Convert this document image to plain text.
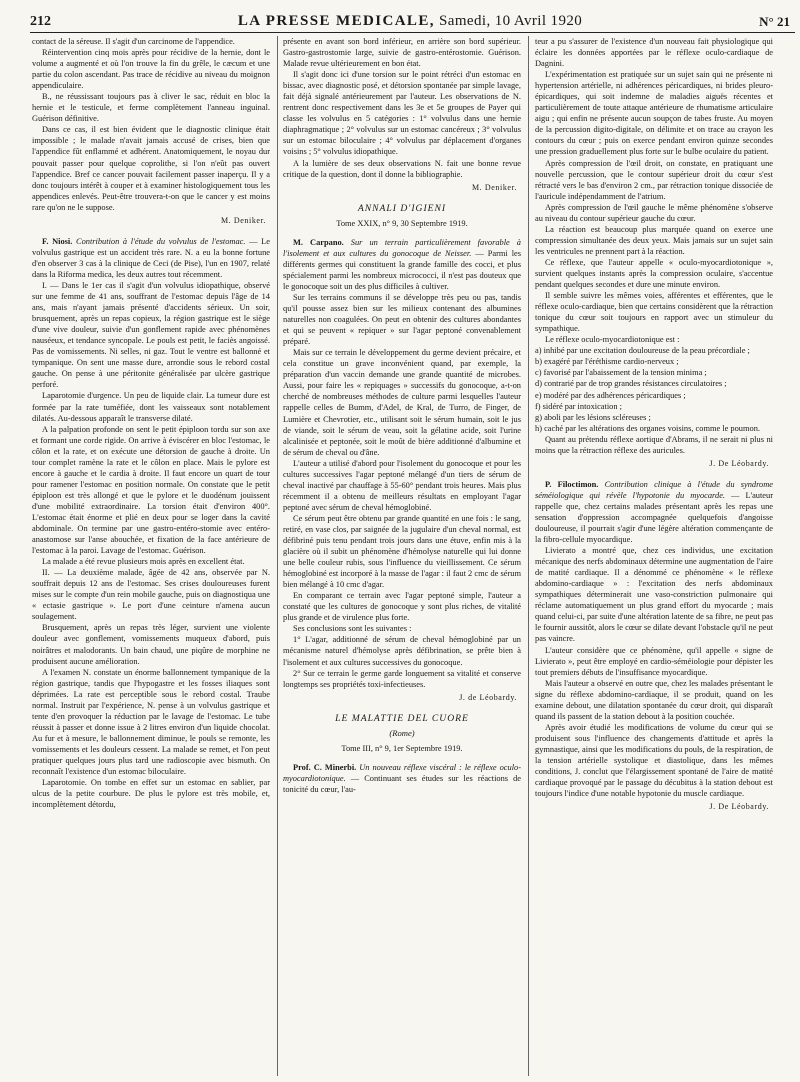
212	LA PRESSE MEDICALE, Samedi, 10 Avril 1920	N° 21

contact de la séreuse. Il s'agit d'un carcinome de l'appendice.

Réintervention cinq mois après pour récidive de la hernie, dont le volume a augmenté et où l'on trouve la fin du grêle, le cæcum et une partie du colon ascendant. Pas trace de récidive au niveau du moignon appendiculaire.

B., ne réussissant toujours pas à cliver le sac, réduit en bloc la hernie et le testicule, et ferme complètement l'anneau inguinal. Guérison définitive.

Dans ce cas, il est bien évident que le diagnostic clinique était impossible ; le malade n'avait jamais accusé de crises, bien que l'appendice fût enflammé et adhérent. Anatomiquement, le noyau dur pouvait passer pour quelque coprolithe, si l'on n'eût pas ouvert l'appendice. Bref ce cancer pouvait facilement passer inaperçu. Il y a donc toujours intérêt à couper et à examiner histologiquement tous les appendices enlevés. Peut-être trouvera-t-on que le cancer y est moins rare qu'on ne le suppose.

M. Deniker.

F. Niosi. Contribution à l'étude du volvulus de l'estomac. — Le volvulus gastrique est un accident très rare. N. a eu la bonne fortune d'en observer 3 cas à la clinique de Ceci (de Pise), l'un en 1907, relaté dans la Riforma medica, les deux autres tout récemment.

I. — Dans le 1er cas il s'agit d'un volvulus idiopathique, observé sur une femme de 41 ans, souffrant de l'estomac depuis l'âge de 14 ans, mais n'ayant jamais présenté d'accidents sérieux. Un soir, brusquement, après un repas copieux, la région gastrique est le siège d'une vive douleur, suivie d'un gonflement rapide avec phénomènes nauséeux, et tendance syncopale. Le pouls est petit, le faciès angoissé. Pas de vomissements. Ni selles, ni gaz. Tout le ventre est ballonné et tympanique. On sent une masse dure, arrondie sous le rebord costal gauche. On pense à une péritonite généralisée par ulcère gastrique perforé.

Laparotomie d'urgence. Un peu de liquide clair. La tumeur dure est formée par la rate tuméfiée, dont les vaisseaux sont notablement dilatés. Au-dessous apparaît le transverse dilaté.

A la palpation profonde on sent le petit épiploon tordu sur son axe et formant une corde rigide. On arrive à éviscérer en bloc l'estomac, le côlon et la rate, et on exécute une détorsion de gauche à droite. Un tour complet ramène la rate et le côlon en place. Mais le pylore est encore à gauche et le cardia à droite. Il faut encore un quart de tour pour ramener l'estomac en position normale. On constate que le petit épiploon est très allongé et que le pylore et le duodénum jouissent d'une mobilité extraordinaire. La torsion était d'environ 400°. L'estomac était énorme et plié en deux pour se loger dans la cavité abdominale. On termine par une gastro-entéro-stomie avec entéro-anastomose sur l'anse abouchée, et fixation de la face antérieure de l'estomac à la paroi. Lavage de l'estomac. Guérison.

La malade a été revue plusieurs mois après en excellent état.

II. — La deuxième malade, âgée de 42 ans, observée par N. souffrait depuis 12 ans de l'estomac. Ses crises douloureuses furent mises sur le compte d'un rein mobile gauche, puis on diagnostiqua une « ectasie gastrique ». Le port d'une ceinture n'amena aucun soulagement.

Brusquement, après un repas très léger, survient une violente douleur avec gonflement, vomissements muqueux d'abord, puis noirâtres et malodorants. Un bain chaud, une piqûre de morphine ne produisent aucune amélioration.

A l'examen N. constate un énorme ballonnement tympanique de la région gastrique, tandis que l'hypogastre et les fosses iliaques sont déprimées. La rate est perceptible sous le rebord costal. Traube normal. Instruit par l'expérience, N. pense à un volvulus gastrique et tente d'en provoquer la réduction par le lavage de l'estomac. Le tube réussit à passer et donne issue à 2 litres environ d'un liquide chocolat. Au fur et à mesure, le ballonnement diminue, le pouls se remonte, les vomissements et les douleurs cessent. La malade se remet, et l'on peut pratiquer quelques jours plus tard une radioscopie avec bismuth. On reconnaît l'existence d'un estomac biloculaire.

Laparotomie. On tombe en effet sur un estomac en sablier, par ulcus de la petite courbure. De plus le pylore est très mobile, et, incomplètement détordu,

présente en avant son bord inférieur, en arrière son bord supérieur. Gastro-gastrostomie large, suivie de gastro-entérostomie. Guérison. Malade revue ultérieurement en bon état.

Il s'agit donc ici d'une torsion sur le point rétréci d'un estomac en bissac, avec diagnostic posé, et détorsion spontanée par simple lavage, fait déjà signalé antérieurement par l'auteur. Les observations de N. rentrent donc respectivement dans les 3e et 5e groupes de Payer qui classe les volvulus en 5 catégories : 1° volvulus dans une hernie diaphragmatique ; 2° volvulus sur un estomac cancéreux ; 3° volvulus sur un estomac biloculaire ; 4° volvulus par déplacement d'organes voisins ; 5° volvulus idiopathique.

A la lumière de ses deux observations N. fait une bonne revue critique de la question, dont il donne la bibliographie.

M. Deniker.
ANNALI D'IGIENI
Tome XXIX, n° 9, 30 Septembre 1919.

M. Carpano. Sur un terrain particulièrement favorable à l'isolement et aux cultures du gonocoque de Neisser. — Parmi les différents germes qui constituent la grande famille des cocci, et plus spécialement parmi les nombreux micrococci, il n'est pas douteux que le gonocoque soit un des plus difficiles à cultiver.

Sur les terrains communs il se développe très peu ou pas, tandis qu'il pousse assez bien sur les milieux contenant des albumines naturelles non coagulées. On peut en obtenir des cultures abondantes et qui se peuvent « repiquer » sur l'agar peptoné convenablement préparé.

Mais sur ce terrain le développement du germe devient précaire, et cela constitue un grave inconvénient quand, par exemple, la préparation d'un vaccin demande une grande quantité de microbes. Aussi, pour faire les « repiquages » successifs du gonocoque, a-t-on cherché de nombreuses méthodes de culture parmi lesquelles l'auteur rappelle celles de Bumm, d'Adel, de Kral, de Turro, de Finger, de Lumière et Chevrotier, etc., utilisant soit le sérum humain, soit le jus de viande, soit le sérum de veau, soit la gélatine acide, soit l'urine alcalinisée et peptonée, soit le moût de bière additionné d'albumine et de sérum de cheval ou d'âne.

L'auteur a utilisé d'abord pour l'isolement du gonocoque et pour les cultures successives l'agar peptoné mélangé d'un tiers de sérum de cheval inactivé par chauffage à 55-60° pendant trois heures. Mais plus récemment il a obtenu de meilleurs résultats en employant l'agar peptoné avec sérum de cheval hémoglobiné.

Ce sérum peut être obtenu par grande quantité en une fois : le sang, retiré, en vase clos, par saignée de la jugulaire d'un cheval normal, est défibriné puis tenu pendant trois jours dans une étuve, enfin mis à la glacière où il subit un phénomène d'hémolyse naturelle qui lui donne une belle couleur rubis, sous l'influence du vieillissement. Ce sérum hémoglobiné est incorporé à la masse de l'agar : il faut 2 cmc de sérum bien mélangé à 10 cmc d'agar.

En comparant ce terrain avec l'agar peptoné simple, l'auteur a constaté que les cultures de gonocoque y sont plus riches, de vitalité plus grande et de virulence plus forte.

Ses conclusions sont les suivantes :

1° L'agar, additionné de sérum de cheval hémoglobiné par un mécanisme naturel d'hémolyse après défibrination, se prête bien à l'isolement et aux cultures successives du gonocoque.

2° Sur ce terrain le germe garde longuement sa vitalité et conserve longtemps ses propriétés toxi-infectieuses.

J. de Léobardy.
LE MALATTIE DEL CUORE
(Rome)
Tome III, n° 9, 1er Septembre 1919.

Prof. C. Minerbi. Un nouveau réflexe viscéral : le réflexe oculo-myocardiotonique. — Continuant ses études sur les réactions de tonicité du cœur, l'au-

teur a pu s'assurer de l'existence d'un nouveau fait physiologique qui éclaire les données apportées par le réflexe oculo-cardiaque de Dagnini.

L'expérimentation est pratiquée sur un sujet sain qui ne présente ni hypertension artérielle, ni adhérences péricardiques, ni brides pleuro-épicardiques, qui soit indemne de maladies aiguës récentes et particulièrement de toute attaque antérieure de rhumatisme articulaire aigu ; qui enfin ne présente aucun soupçon de tabes fruste. Au moyen de la percussion digito-digitale, on délimite et on trace au crayon les contours du cœur ; puis on exerce pendant environ quinze secondes une pression graduellement plus forte sur le bulbe oculaire du patient.

Après compression de l'œil droit, on constate, en pratiquant une nouvelle percussion, que le contour supérieur droit du cœur s'est rétracté vers le bas d'environ 2 cm., par rétraction tonique dissociée de l'auricule indépendamment de l'atrium.

Après compression de l'œil gauche le même phénomène s'observe au niveau du contour supérieur gauche du cœur.

La réaction est beaucoup plus marquée quand on exerce une compression simultanée des deux yeux. Mais jamais sur un sujet sain les ventricules ne prennent part à la réaction.

Ce réflexe, que l'auteur appelle « oculo-myocardiotonique », survient quelques instants après la compression oculaire, s'accentue pendant quelques secondes et dure une minute environ.

Il semble suivre les mêmes voies, afférentes et efférentes, que le réflexe oculo-cardiaque, bien que certains considèrent que la rétraction tonique du cœur soit toujours en rapport avec un stimuleur du sympathique.

Le réflexe oculo-myocardiotonique est :

a) inhibé par une excitation douloureuse de la peau précordiale ;
b) exagéré par l'éréthisme cardio-nerveux ;
c) favorisé par l'abaissement de la tension minima ;
d) contrarié par de trop grandes résistances circulatoires ;
e) modéré par des adhérences péricardiques ;
f) sidéré par intoxication ;
g) aboli par les lésions scléreuses ;
h) caché par les altérations des organes voisins, comme le poumon.

Quant au prétendu réflexe aortique d'Abrams, il ne serait ni plus ni moins que la rétraction réflexe des auricules.

J. De Léobardy.

P. Filoctimon. Contribution clinique à l'étude du syndrome séméiologique qui révèle l'hypotonie du myocarde. — L'auteur rappelle que, chez certains malades présentant après les repas une sensation d'oppression accompagnée quelquefois d'angoisse douloureuse, il pourrait s'agir d'une légère altération commençante de la fibro-cellule myocardique.

Livierato a montré que, chez ces individus, une excitation mécanique des nerfs abdominaux détermine une augmentation de l'aire de matité cardiaque. Il a dénommé ce phénomène « le réflexe abdomino-cardiaque » : l'excitation des nerfs abdominaux sympathiques déterminerait une vaso-constriction pulmonaire qui réclame automatiquement un plus grand effort du myocarde ; mais quand celui-ci, par suite d'une altération latente de sa fibre, ne peut pas le fournir aussitôt, alors le cœur se dilate devant l'obstacle qu'il ne peut pas vaincre.

L'auteur considère que ce phénomène, qu'il appelle « signe de Livierato », peut être employé en cardio-séméiologie pour dépister les tout premiers débuts de l'insuffisance myocardique.

Mais l'auteur a observé en outre que, chez les malades présentant le signe du réflexe abdomino-cardiaque, il se produit, quand on les examine debout, une dilatation spontanée du cœur droit, qui disparaît quand ils passent de la station debout à la position couchée.

Après avoir étudié les modifications de volume du cœur qui se produisent sous l'influence des changements d'attitude et après la gymnastique, ainsi que les modifications du pouls, de la respiration, de la tension artérielle systolique et diastolique, dans les mêmes conditions, J. conclut que l'élargissement spontané de l'aire de matité cardiaque provoqué par le passage du décubitus à la station debout est toujours l'indice d'une notable hypotonie du muscle cardiaque.

J. De Léobardy.
